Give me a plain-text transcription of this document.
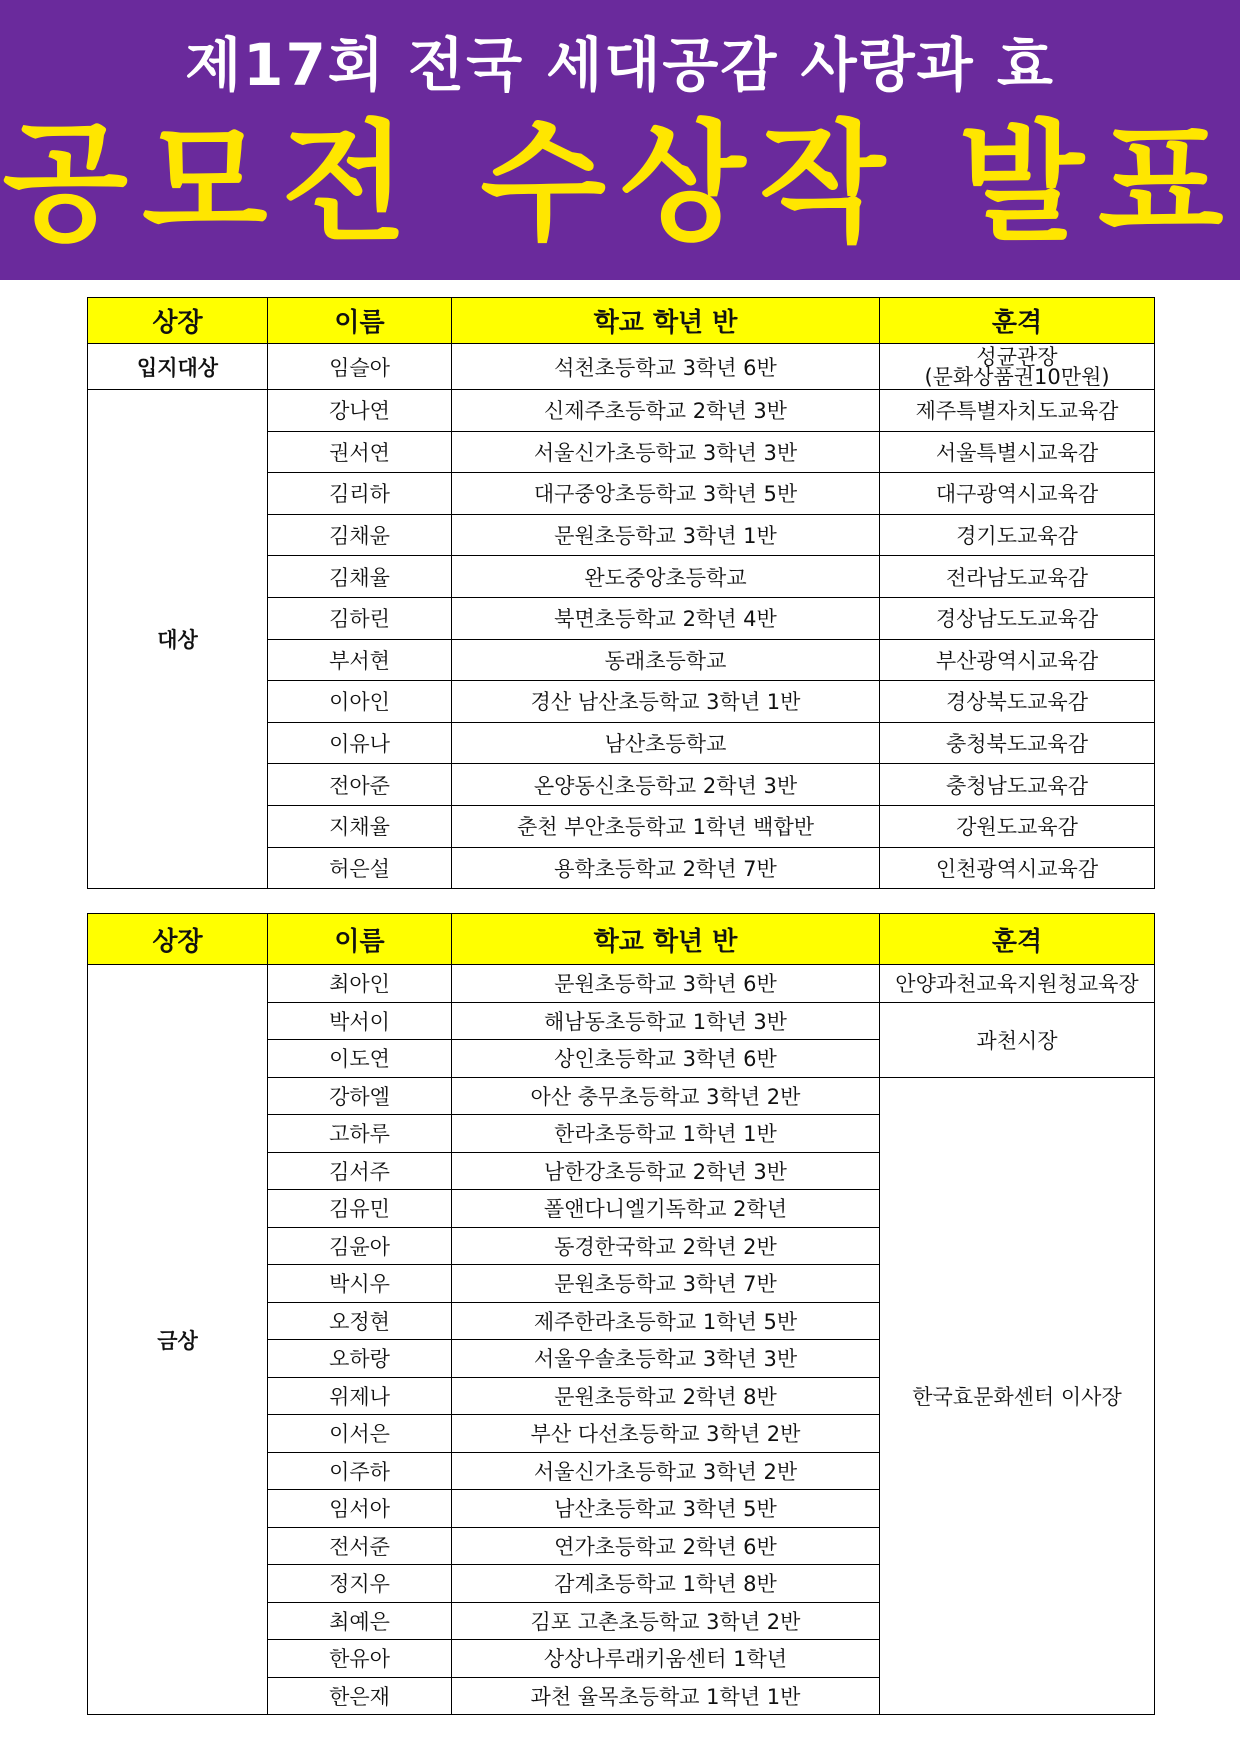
제17회 전국 세대공감 사랑과 효
공모전 수상작 발표
상장	이름	학교 학년 반	훈격
입지대상	임슬아	석천초등학교 3학년 6반	성균관장
(문화상품권10만원)

대상	강나연	신제주초등학교 2학년 3반	제주특별자치도교육감
	권서연	서울신가초등학교 3학년 3반	서울특별시교육감
	김리하	대구중앙초등학교 3학년 5반	대구광역시교육감
	김채윤	문원초등학교 3학년 1반	경기도교육감
	김채율	완도중앙초등학교	전라남도교육감
	김하린	북면초등학교 2학년 4반	경상남도도교육감
	부서현	동래초등학교	부산광역시교육감
	이아인	경산 남산초등학교 3학년 1반	경상북도교육감
	이유나	남산초등학교	충청북도교육감
	전아준	온양동신초등학교 2학년 3반	충청남도교육감
	지채율	춘천 부안초등학교 1학년 백합반	강원도교육감
	허은설	용학초등학교 2학년 7반	인천광역시교육감
상장	이름	학교 학년 반	훈격
금상	최아인	문원초등학교 3학년 6반	안양과천교육지원청교육장
	박서이	해남동초등학교 1학년 3반	과천시장
	이도연	상인초등학교 3학년 6반	
	강하엘	아산 충무초등학교 3학년 2반	한국효문화센터 이사장
	고하루	한라초등학교 1학년 1반	
	김서주	남한강초등학교 2학년 3반	
	김유민	폴앤다니엘기독학교 2학년	
	김윤아	동경한국학교 2학년 2반	
	박시우	문원초등학교 3학년 7반	
	오정현	제주한라초등학교 1학년 5반	
	오하랑	서울우솔초등학교 3학년 3반	
	위제나	문원초등학교 2학년 8반	
	이서은	부산 다선초등학교 3학년 2반	
	이주하	서울신가초등학교 3학년 2반	
	임서아	남산초등학교 3학년 5반	
	전서준	연가초등학교 2학년 6반	
	정지우	감계초등학교 1학년 8반	
	최예은	김포 고촌초등학교 3학년 2반	
	한유아	상상나루래키움센터 1학년	
	한은재	과천 율목초등학교 1학년 1반	
